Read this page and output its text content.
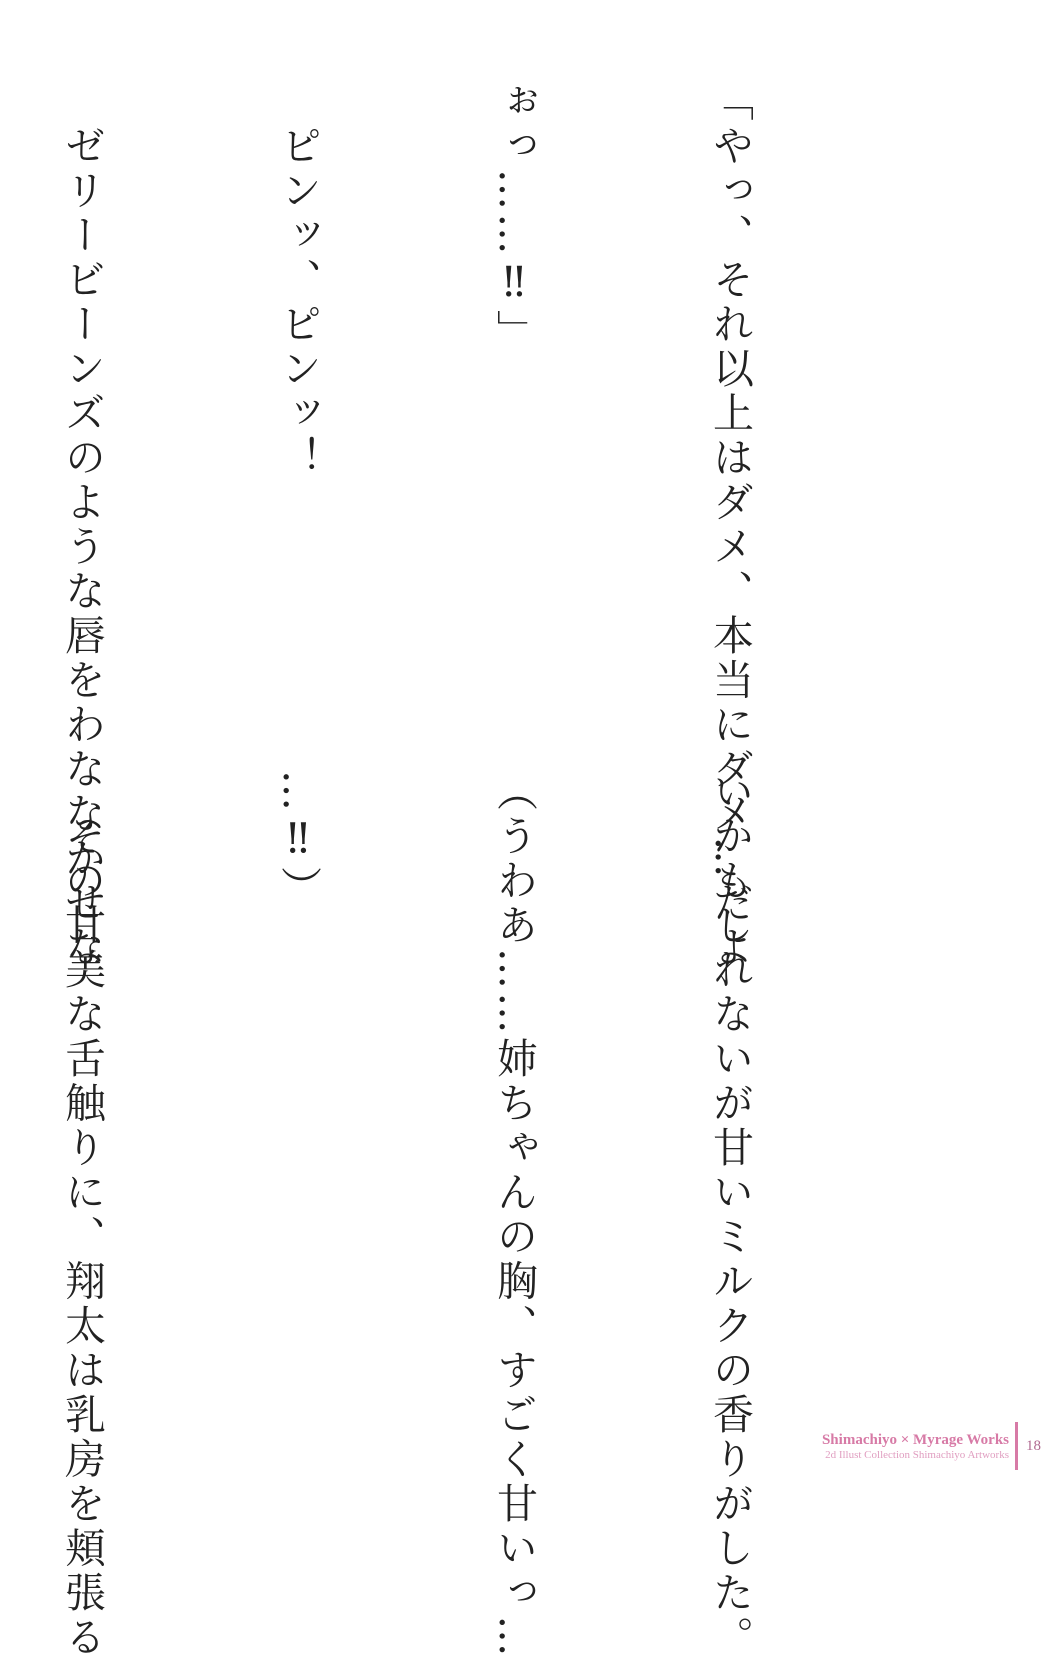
「やっ、それ以上はダメ、本当にダメ…だよ

ぉっ……‼」

　ピンッ、ピンッ！

　ゼリービーンズのような唇をわななかせな

いかもしれないが甘いミルクの香りがした。

（うわあ……姉ちゃんの胸、すごく甘いっ…

…‼）

　その甘美な舌触りに、翔太は乳房を頬張る

	Shimachiyo × Myrage Works
2d Illust Collection Shimachiyo Artworks
18
